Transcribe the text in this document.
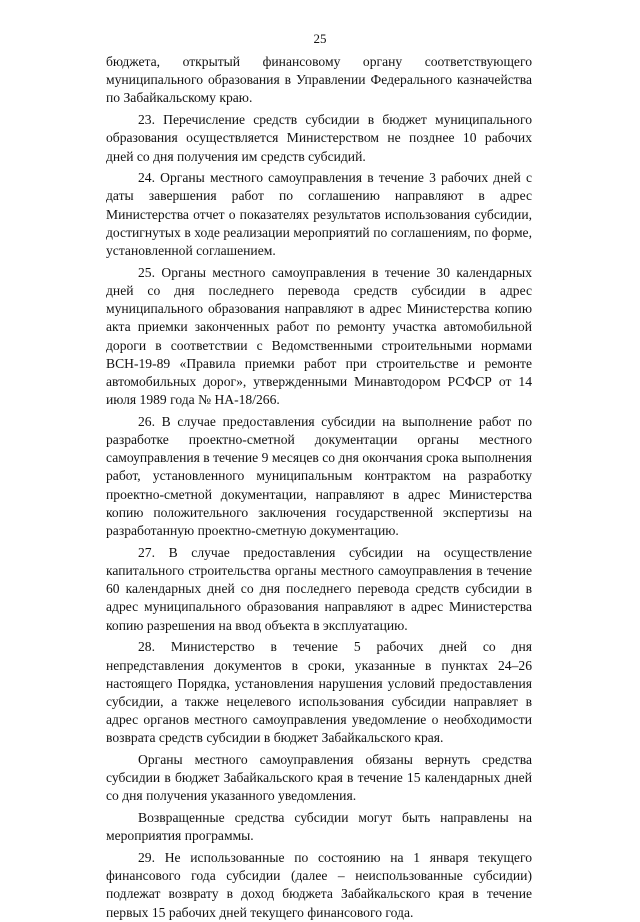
25

бюджета, открытый финансовому органу соответствующего муниципального образования в Управлении Федерального казначейства по Забайкальскому краю.

23. Перечисление средств субсидии в бюджет муниципального образования осуществляется Министерством не позднее 10 рабочих дней со дня получения им средств субсидий.

24. Органы местного самоуправления в течение 3 рабочих дней с даты завершения работ по соглашению направляют в адрес Министерства отчет о показателях результатов использования субсидии, достигнутых в ходе реализации мероприятий по соглашениям, по форме, установленной соглашением.

25. Органы местного самоуправления в течение 30 календарных дней со дня последнего перевода средств субсидии в адрес муниципального образования направляют в адрес Министерства копию акта приемки законченных работ по ремонту участка автомобильной дороги в соответствии с Ведомственными строительными нормами ВСН-19-89 «Правила приемки работ при строительстве и ремонте автомобильных дорог», утвержденными Минавтодором РСФСР от 14 июля 1989 года № НА-18/266.

26. В случае предоставления субсидии на выполнение работ по разработке проектно-сметной документации органы местного самоуправления в течение 9 месяцев со дня окончания срока выполнения работ, установленного муниципальным контрактом на разработку проектно-сметной документации, направляют в адрес Министерства копию положительного заключения государственной экспертизы на разработанную проектно-сметную документацию.

27. В случае предоставления субсидии на осуществление капитального строительства органы местного самоуправления в течение 60 календарных дней со дня последнего перевода средств субсидии в адрес муниципального образования направляют в адрес Министерства копию разрешения на ввод объекта в эксплуатацию.

28. Министерство в течение 5 рабочих дней со дня непредставления документов в сроки, указанные в пунктах 24–26 настоящего Порядка, установления нарушения условий предоставления субсидии, а также нецелевого использования субсидии направляет в адрес органов местного самоуправления уведомление о необходимости возврата средств субсидии в бюджет Забайкальского края.

Органы местного самоуправления обязаны вернуть средства субсидии в бюджет Забайкальского края в течение 15 календарных дней со дня получения указанного уведомления.

Возвращенные средства субсидии могут быть направлены на мероприятия программы.

29. Не использованные по состоянию на 1 января текущего финансового года субсидии (далее – неиспользованные субсидии) подлежат возврату в доход бюджета Забайкальского края в течение первых 15 рабочих дней текущего финансового года.
